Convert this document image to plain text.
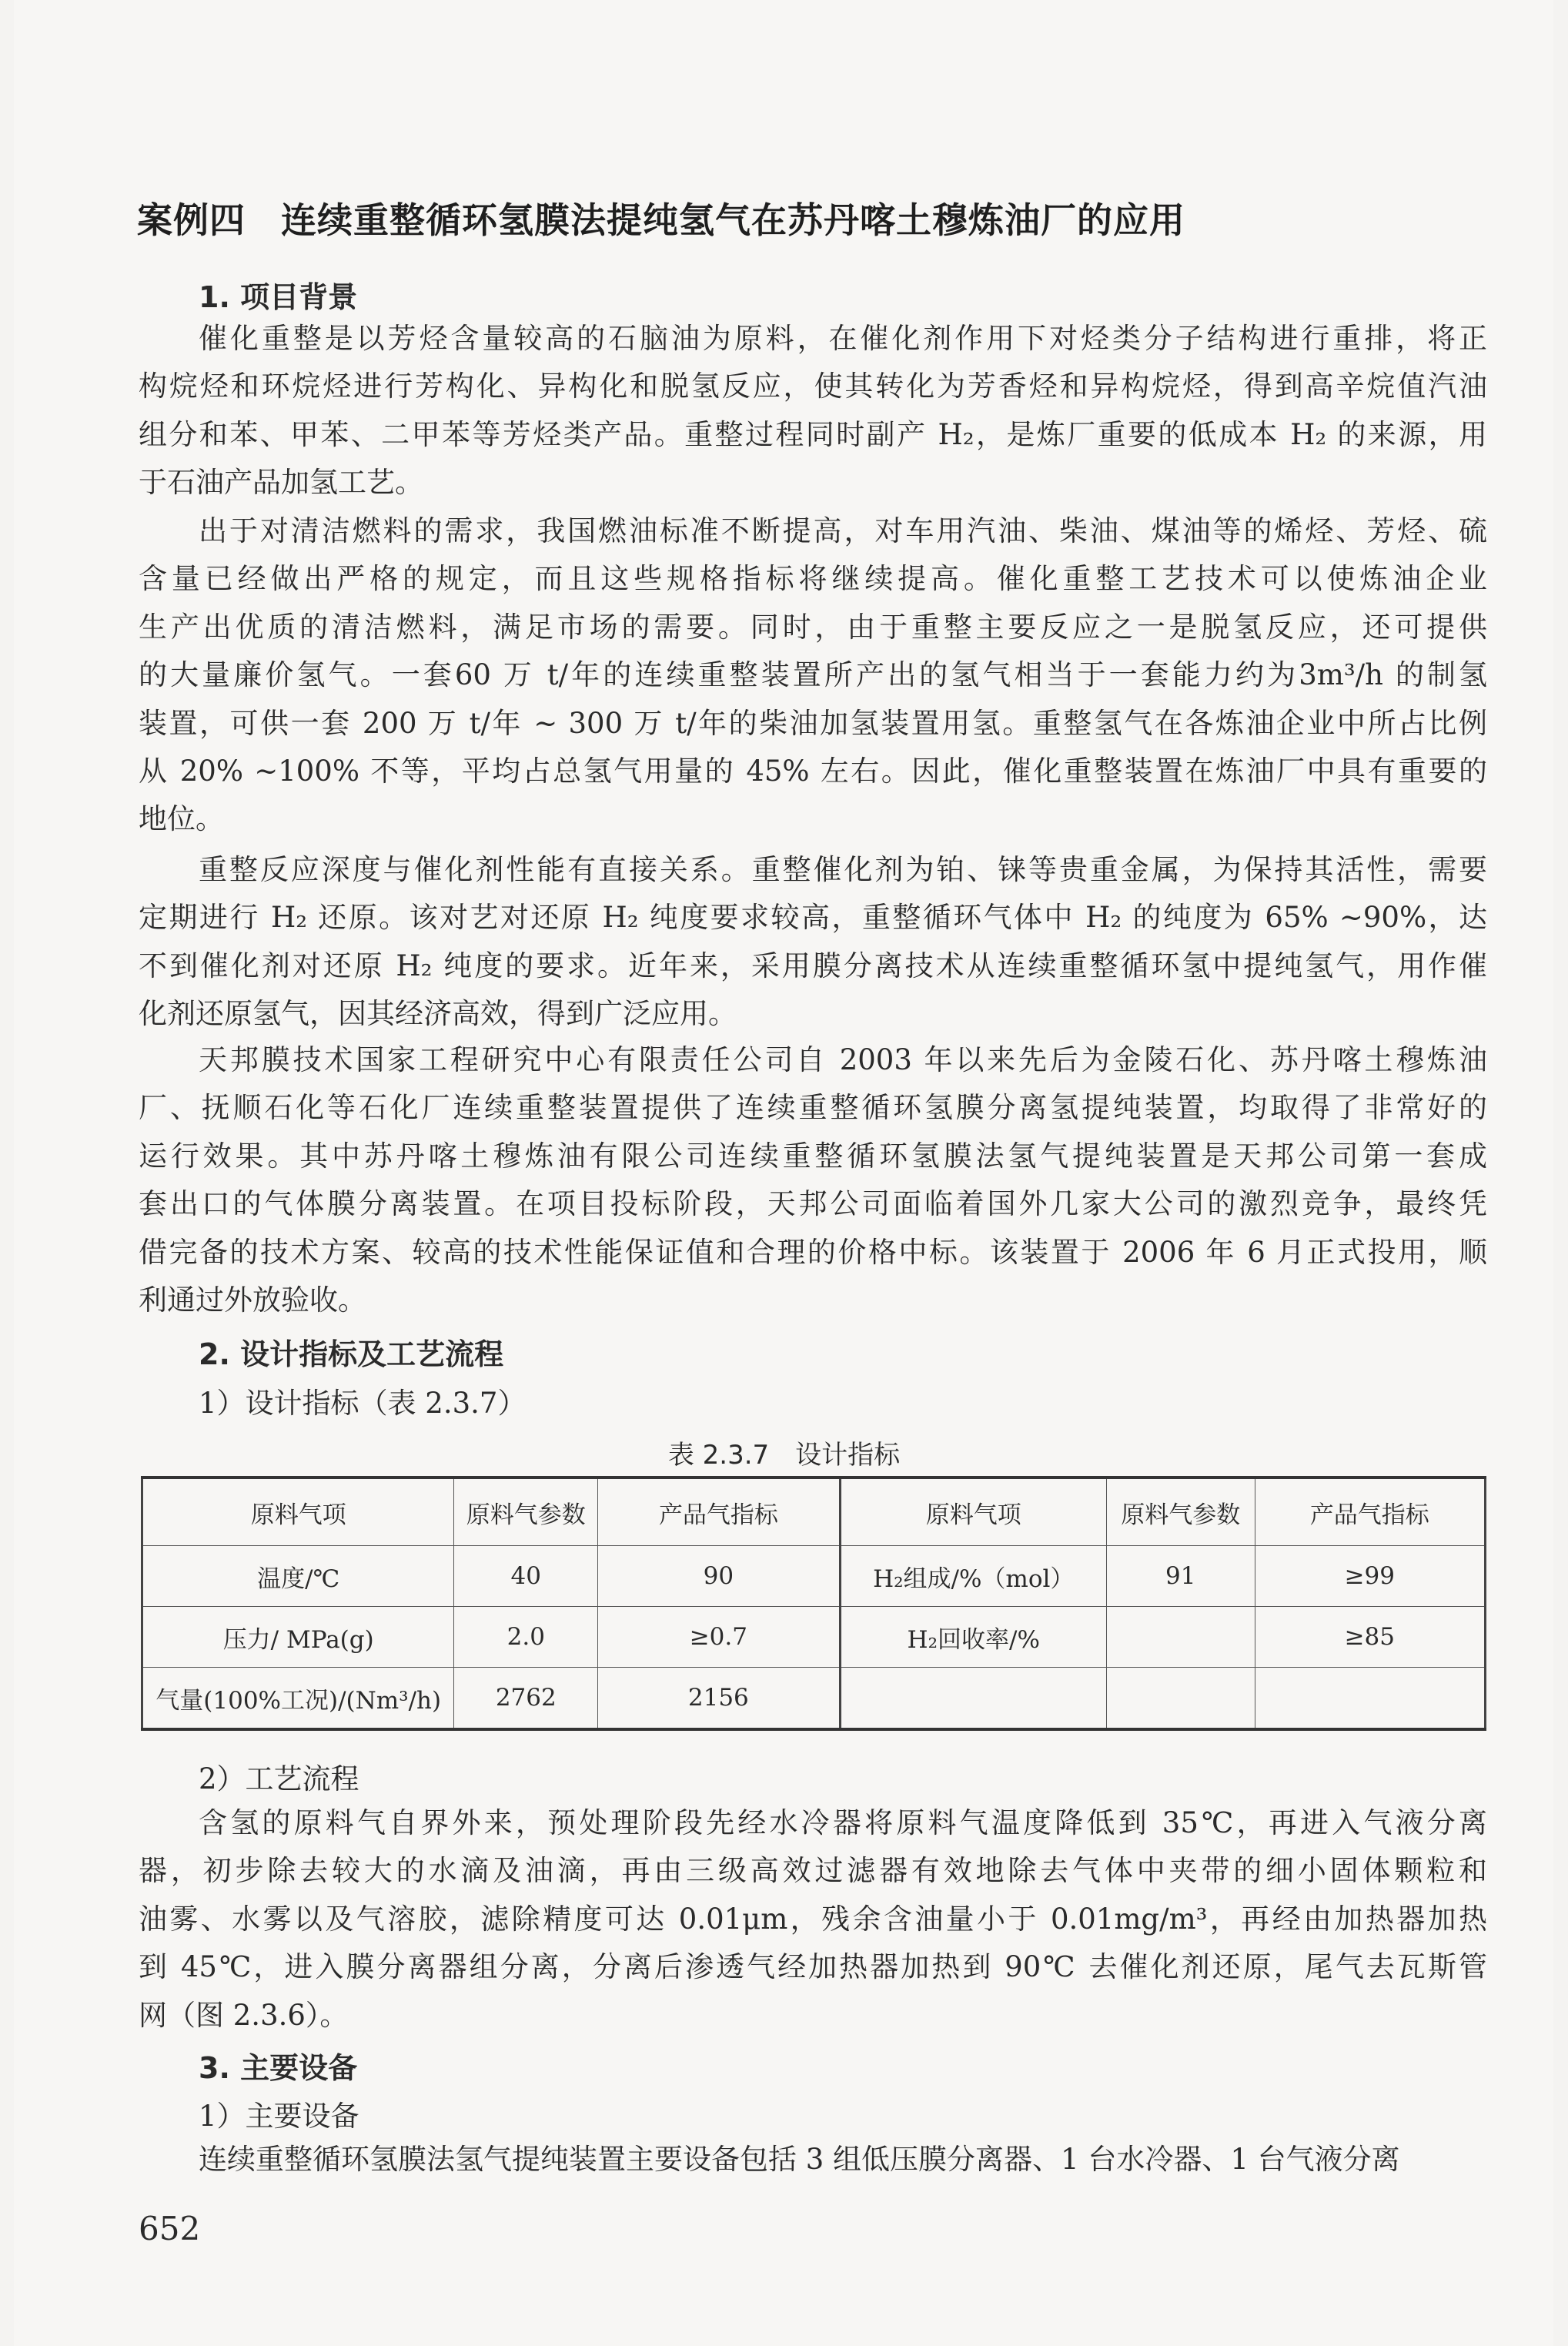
案例四 连续重整循环氢膜法提纯氢气在苏丹喀土穆炼油厂的应用
1. 项目背景
催化重整是以芳烃含量较高的石脑油为原料，在催化剂作用下对烃类分子结构进行重排，将正
构烷烃和环烷烃进行芳构化、异构化和脱氢反应，使其转化为芳香烃和异构烷烃，得到高辛烷值汽油
组分和苯、甲苯、二甲苯等芳烃类产品。重整过程同时副产 H₂，是炼厂重要的低成本 H₂ 的来源，用
于石油产品加氢工艺。
出于对清洁燃料的需求，我国燃油标准不断提高，对车用汽油、柴油、煤油等的烯烃、芳烃、硫
含量已经做出严格的规定，而且这些规格指标将继续提高。催化重整工艺技术可以使炼油企业
生产出优质的清洁燃料，满足市场的需要。同时，由于重整主要反应之一是脱氢反应，还可提供
的大量廉价氢气。一套60 万 t/年的连续重整装置所产出的氢气相当于一套能力约为3m³/h 的制氢
装置，可供一套 200 万 t/年 ~ 300 万 t/年的柴油加氢装置用氢。重整氢气在各炼油企业中所占比例
从 20% ~100% 不等，平均占总氢气用量的 45% 左右。因此，催化重整装置在炼油厂中具有重要的
地位。
重整反应深度与催化剂性能有直接关系。重整催化剂为铂、铼等贵重金属，为保持其活性，需要
定期进行 H₂ 还原。该对艺对还原 H₂ 纯度要求较高，重整循环气体中 H₂ 的纯度为 65% ~90%，达
不到催化剂对还原 H₂ 纯度的要求。近年来，采用膜分离技术从连续重整循环氢中提纯氢气，用作催
化剂还原氢气，因其经济高效，得到广泛应用。
天邦膜技术国家工程研究中心有限责任公司自 2003 年以来先后为金陵石化、苏丹喀土穆炼油
厂、抚顺石化等石化厂连续重整装置提供了连续重整循环氢膜分离氢提纯装置，均取得了非常好的
运行效果。其中苏丹喀土穆炼油有限公司连续重整循环氢膜法氢气提纯装置是天邦公司第一套成
套出口的气体膜分离装置。在项目投标阶段，天邦公司面临着国外几家大公司的激烈竞争，最终凭
借完备的技术方案、较高的技术性能保证值和合理的价格中标。该装置于 2006 年 6 月正式投用，顺
利通过外放验收。
2. 设计指标及工艺流程
1）设计指标（表 2.3.7）
表 2.3.7　设计指标
原料气项	原料气参数	产品气指标	原料气项	原料气参数	产品气指标
温度/℃	40	90	H₂组成/%（mol）	91	≥99
压力/ MPa(g)	2.0	≥0.7	H₂回收率/%		≥85
气量(100%工况)/(Nm³/h)	2762	2156			
2）工艺流程
含氢的原料气自界外来，预处理阶段先经水冷器将原料气温度降低到 35℃，再进入气液分离
器，初步除去较大的水滴及油滴，再由三级高效过滤器有效地除去气体中夹带的细小固体颗粒和
油雾、水雾以及气溶胶，滤除精度可达 0.01μm，残余含油量小于 0.01mg/m³，再经由加热器加热
到 45℃，进入膜分离器组分离，分离后渗透气经加热器加热到 90℃ 去催化剂还原，尾气去瓦斯管
网（图 2.3.6）。
3. 主要设备
1）主要设备
连续重整循环氢膜法氢气提纯装置主要设备包括 3 组低压膜分离器、1 台水冷器、1 台气液分离
652
